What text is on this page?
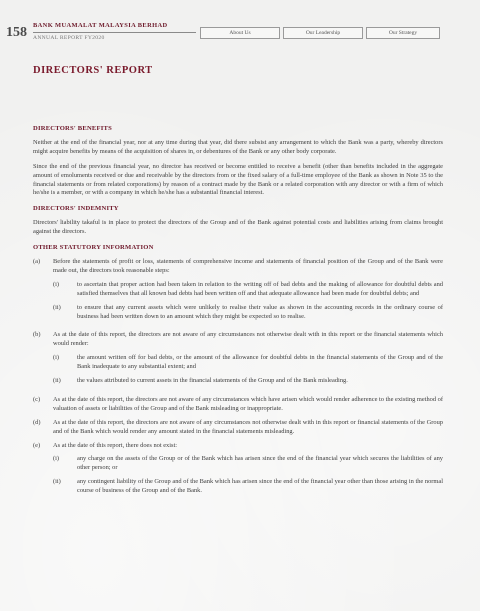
158 BANK MUAMALAT MALAYSIA BERHAD
ANNUAL REPORT FY2020
About Us	Our Leadership	Our Strategy
DIRECTORS' REPORT
DIRECTORS' BENEFITS

Neither at the end of the financial year, nor at any time during that year, did there subsist any arrangement to which the Bank was a party, whereby directors might acquire benefits by means of the acquisition of shares in, or debentures of the Bank or any other body corporate.

Since the end of the previous financial year, no director has received or become entitled to receive a benefit (other than benefits included in the aggregate amount of emoluments received or due and receivable by the directors from or the fixed salary of a full-time employee of the Bank as shown in Note 35 to the financial statements or from related corporations) by reason of a contract made by the Bank or a related corporation with any director or with a firm of which he/she is a member, or with a company in which he/she has a substantial financial interest.

DIRECTORS' INDEMNITY

Directors' liability takaful is in place to protect the directors of the Group and of the Bank against potential costs and liabilities arising from claims brought against the directors.

OTHER STATUTORY INFORMATION
(a)	Before the statements of profit or loss, statements of comprehensive income and statements of financial position of the Group and of the Bank were made out, the directors took reasonable steps:
(i)	to ascertain that proper action had been taken in relation to the writing off of bad debts and the making of allowance for doubtful debts and satisfied themselves that all known bad debts had been written off and that adequate allowance had been made for doubtful debts; and
(ii)	to ensure that any current assets which were unlikely to realise their value as shown in the accounting records in the ordinary course of business had been written down to an amount which they might be expected so to realise.
(b)	As at the date of this report, the directors are not aware of any circumstances not otherwise dealt with in this report or the financial statements which would render:
(i)	the amount written off for bad debts, or the amount of the allowance for doubtful debts in the financial statements of the Group and of the Bank inadequate to any substantial extent; and
(ii)	the values attributed to current assets in the financial statements of the Group and of the Bank misleading.
(c)	As at the date of this report, the directors are not aware of any circumstances which have arisen which would render adherence to the existing method of valuation of assets or liabilities of the Group and of the Bank misleading or inappropriate.
(d)	As at the date of this report, the directors are not aware of any circumstances not otherwise dealt with in this report or financial statements of the Group and of the Bank which would render any amount stated in the financial statements misleading.
(e)	As at the date of this report, there does not exist:
(i)	any charge on the assets of the Group or of the Bank which has arisen since the end of the financial year which secures the liabilities of any other person; or
(ii)	any contingent liability of the Group and of the Bank which has arisen since the end of the financial year other than those arising in the normal course of business of the Group and of the Bank.
